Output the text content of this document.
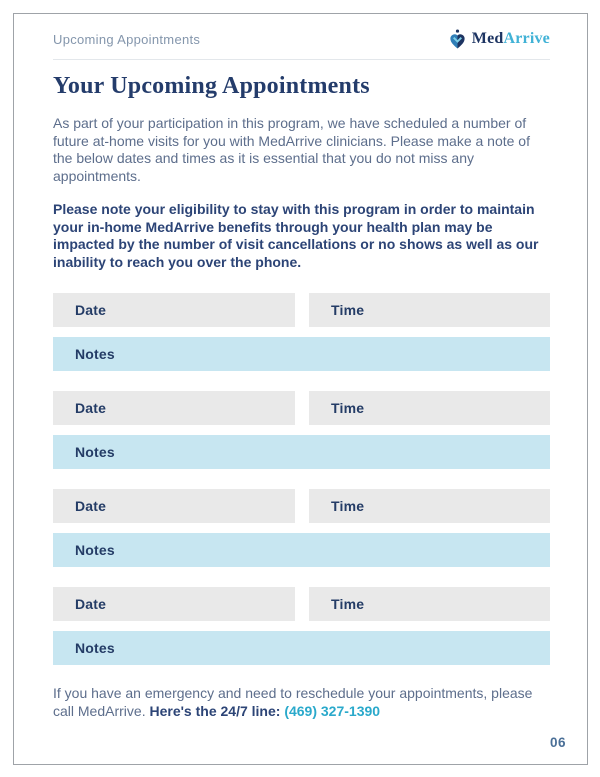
Upcoming Appointments	MedArrive
Your Upcoming Appointments

As part of your participation in this program, we have scheduled a number of future at-home visits for you with MedArrive clinicians. Please make a note of the below dates and times as it is essential that you do not miss any appointments.

Please note your eligibility to stay with this program in order to maintain your in-home MedArrive benefits through your health plan may be impacted by the number of visit cancellations or no shows as well as our inability to reach you over the phone.

Date	Time
Notes
Date	Time
Notes
Date	Time
Notes
Date	Time
Notes

If you have an emergency and need to reschedule your appointments, please call MedArrive. Here's the 24/7 line: (469) 327-1390

06
